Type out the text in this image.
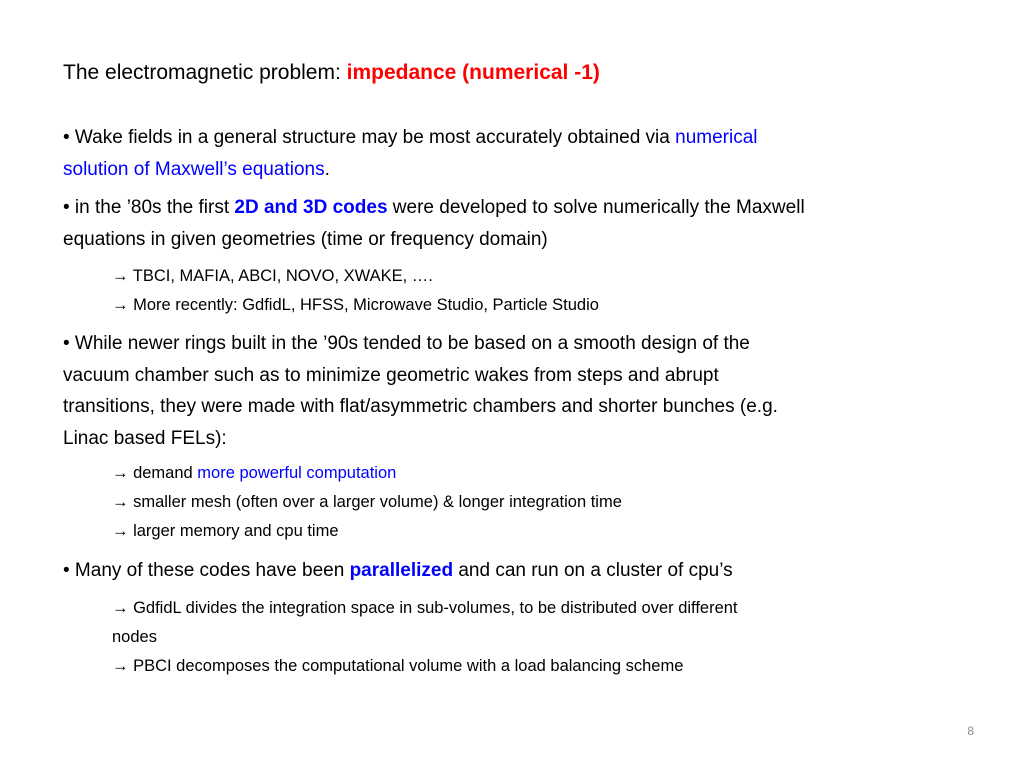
The electromagnetic problem: impedance (numerical -1)
• Wake fields in a general structure may be most accurately obtained via numerical
solution of Maxwell’s equations.
• in the ’80s the first 2D and 3D codes were developed to solve numerically the Maxwell
equations in given geometries (time or frequency domain)
→ TBCI, MAFIA, ABCI, NOVO, XWAKE, ….
→ More recently: GdfidL, HFSS, Microwave Studio, Particle Studio
• While newer rings built in the ’90s tended to be based on a smooth design of the
vacuum chamber such as to minimize geometric wakes from steps and abrupt
transitions, they were made with flat/asymmetric chambers and shorter bunches (e.g.
Linac based FELs):
→ demand more powerful computation
→ smaller mesh (often over a larger volume) & longer integration time
→ larger memory and cpu time
• Many of these codes have been parallelized and can run on a cluster of cpu’s
→ GdfidL divides the integration space in sub-volumes, to be distributed over different
nodes
→ PBCI decomposes the computational volume with a load balancing scheme
8
